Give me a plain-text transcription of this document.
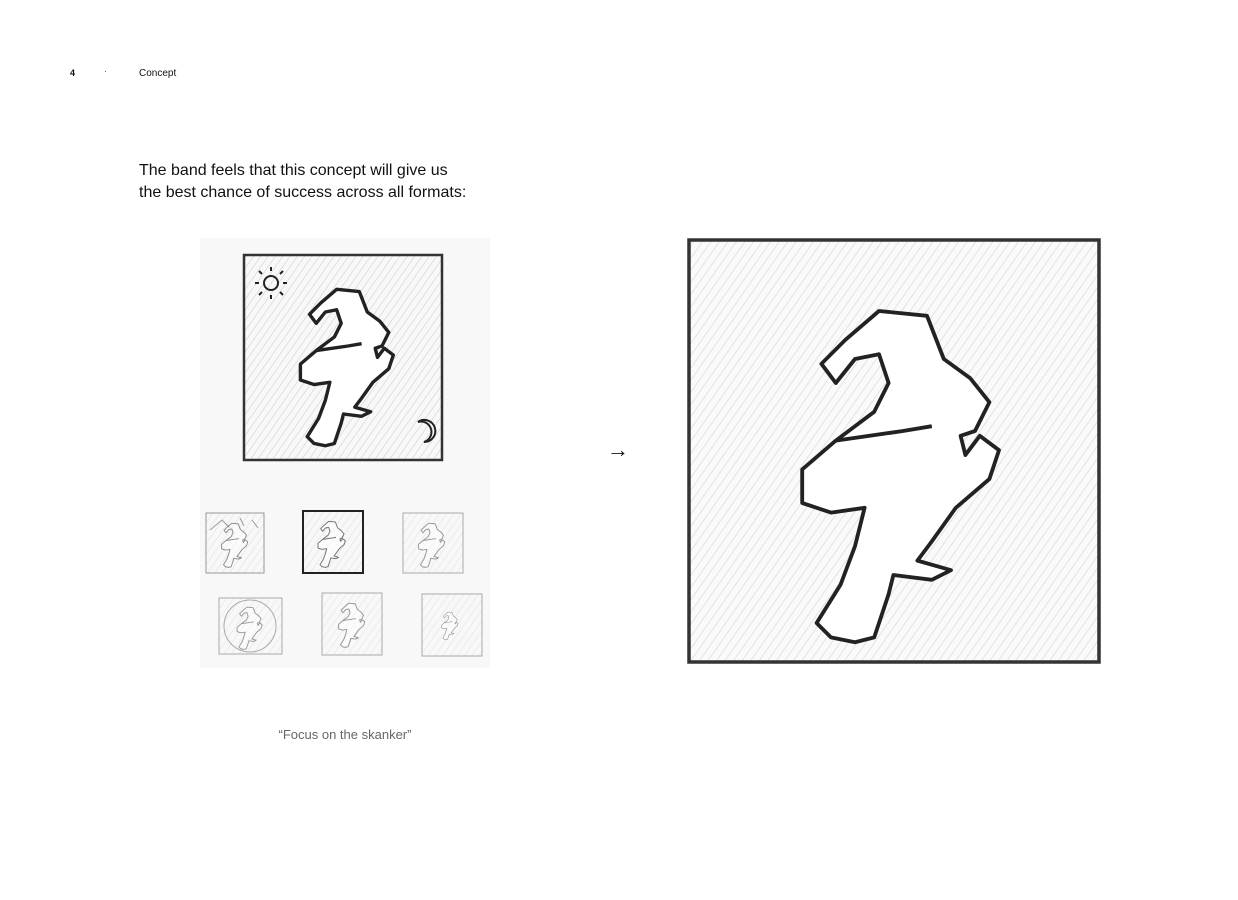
4	·	Concept
The band feels that this concept will give us
the best chance of success across all formats:
“Focus on the skanker”
→
